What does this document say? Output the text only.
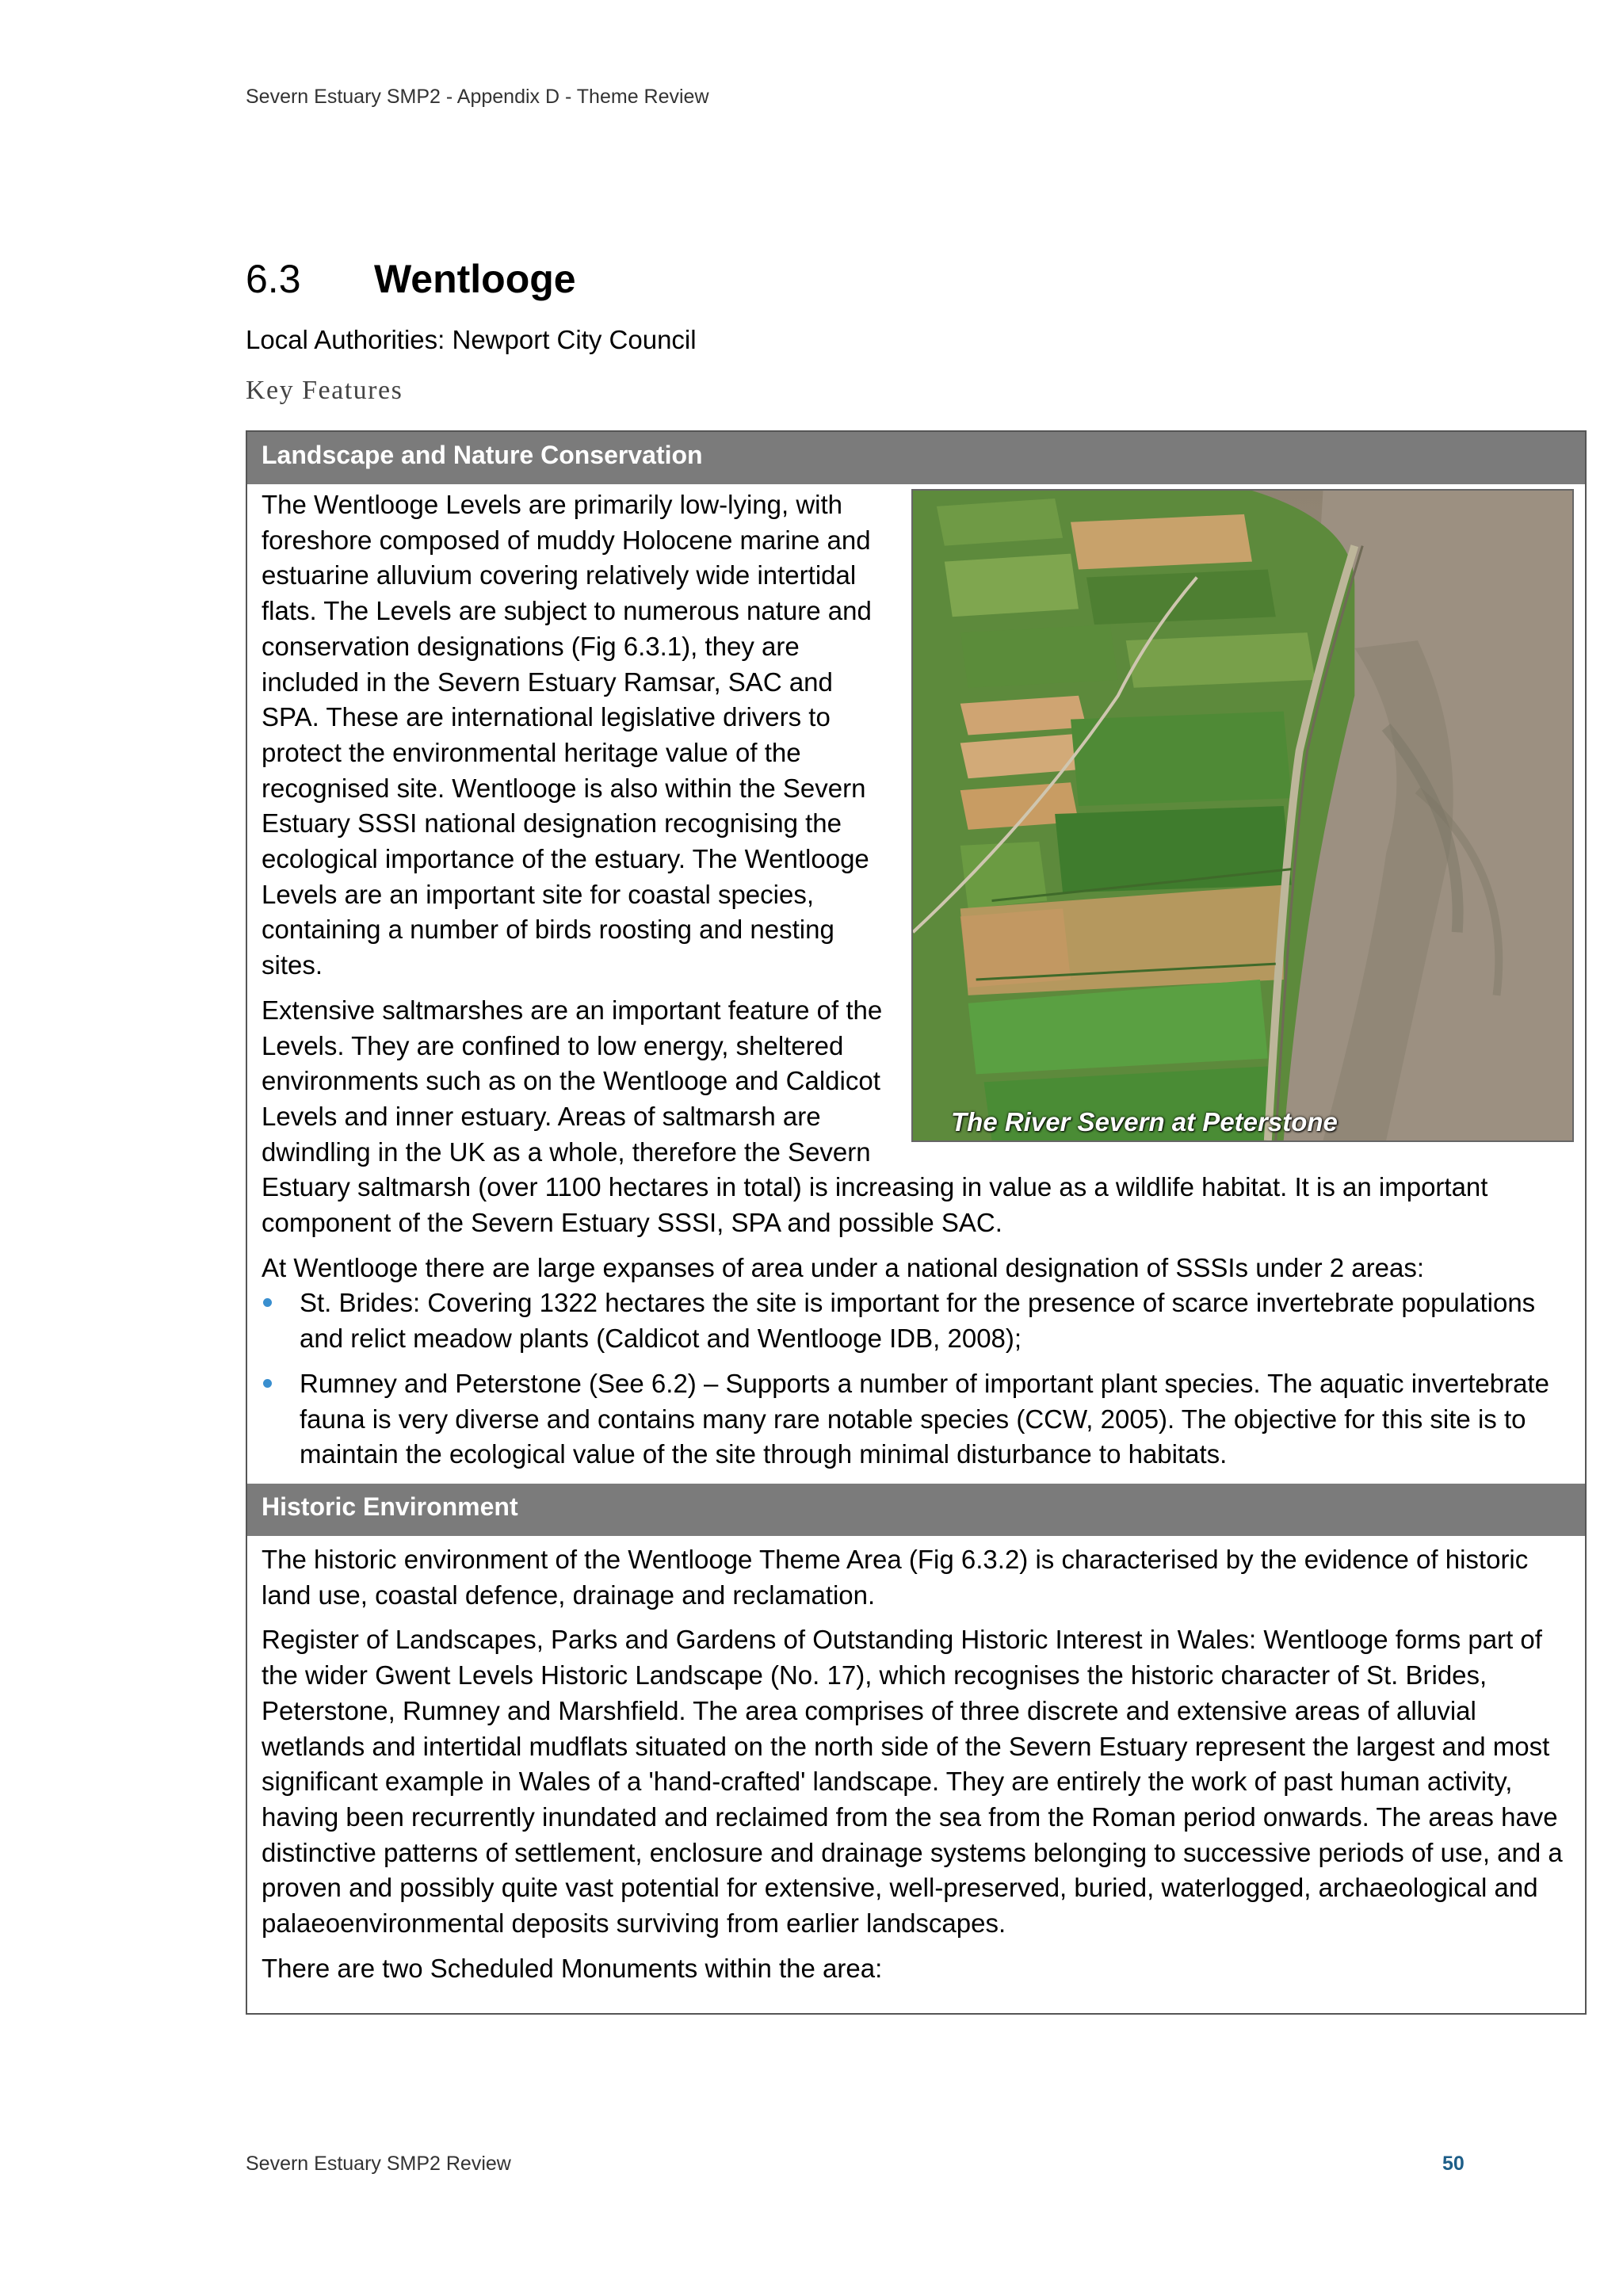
Severn Estuary SMP2 - Appendix D - Theme Review
6.3 Wentlooge
Local Authorities: Newport City Council
Key Features
Landscape and Nature Conservation
The River Severn at Peterstone

The Wentlooge Levels are primarily low-lying, with foreshore composed of muddy Holocene marine and estuarine alluvium covering relatively wide intertidal flats. The Levels are subject to numerous nature and conservation designations (Fig 6.3.1), they are included in the Severn Estuary Ramsar, SAC and SPA. These are international legislative drivers to protect the environmental heritage value of the recognised site. Wentlooge is also within the Severn Estuary SSSI national designation recognising the ecological importance of the estuary. The Wentlooge Levels are an important site for coastal species, containing a number of birds roosting and nesting sites.

Extensive saltmarshes are an important feature of the Levels. They are confined to low energy, sheltered environments such as on the Wentlooge and Caldicot Levels and inner estuary. Areas of saltmarsh are dwindling in the UK as a whole, therefore the Severn Estuary saltmarsh (over 1100 hectares in total) is increasing in value as a wildlife habitat. It is an important component of the Severn Estuary SSSI, SPA and possible SAC.

At Wentlooge there are large expanses of area under a national designation of SSSIs under 2 areas:

St. Brides: Covering 1322 hectares the site is important for the presence of scarce invertebrate populations and relict meadow plants (Caldicot and Wentlooge IDB, 2008);
Rumney and Peterstone (See 6.2) – Supports a number of important plant species. The aquatic invertebrate fauna is very diverse and contains many rare notable species (CCW, 2005). The objective for this site is to maintain the ecological value of the site through minimal disturbance to habitats.
Historic Environment

The historic environment of the Wentlooge Theme Area (Fig 6.3.2) is characterised by the evidence of historic land use, coastal defence, drainage and reclamation.

Register of Landscapes, Parks and Gardens of Outstanding Historic Interest in Wales: Wentlooge forms part of the wider Gwent Levels Historic Landscape (No. 17), which recognises the historic character of St. Brides, Peterstone, Rumney and Marshfield. The area comprises of three discrete and extensive areas of alluvial wetlands and intertidal mudflats situated on the north side of the Severn Estuary represent the largest and most significant example in Wales of a 'hand-crafted' landscape. They are entirely the work of past human activity, having been recurrently inundated and reclaimed from the sea from the Roman period onwards. The areas have distinctive patterns of settlement, enclosure and drainage systems belonging to successive periods of use, and a proven and possibly quite vast potential for extensive, well-preserved, buried, waterlogged, archaeological and palaeoenvironmental deposits surviving from earlier landscapes.

There are two Scheduled Monuments within the area:

Severn Estuary SMP2 Review	50
